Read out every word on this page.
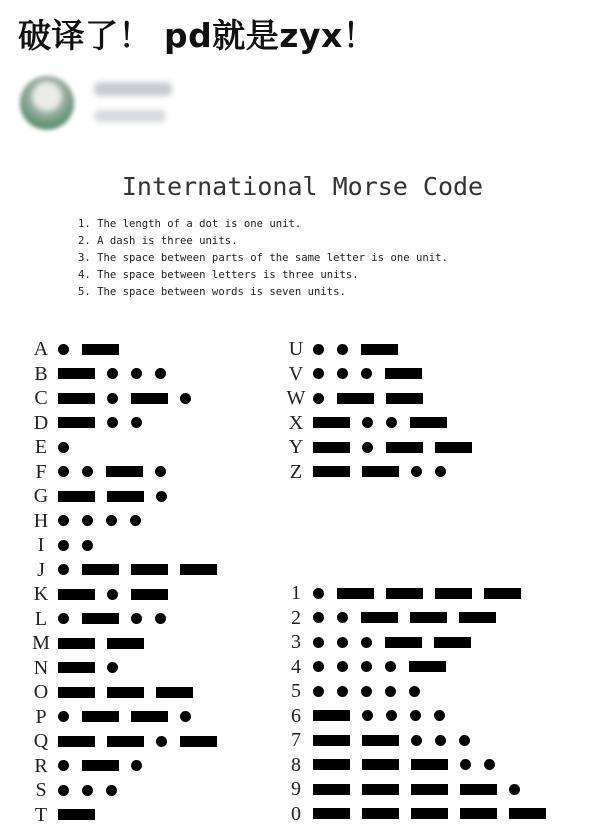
破译了！ pd就是zyx！
International Morse Code
1. The length of a dot is one unit.
2. A dash is three units.
3. The space between parts of the same letter is one unit.
4. The space between letters is three units.
5. The space between words is seven units.
A
B
C
D
E
F
G
H
I
J
K
L
M
N
O
P
Q
R
S
T
U
V
W
X
Y
Z
1
2
3
4
5
6
7
8
9
0
